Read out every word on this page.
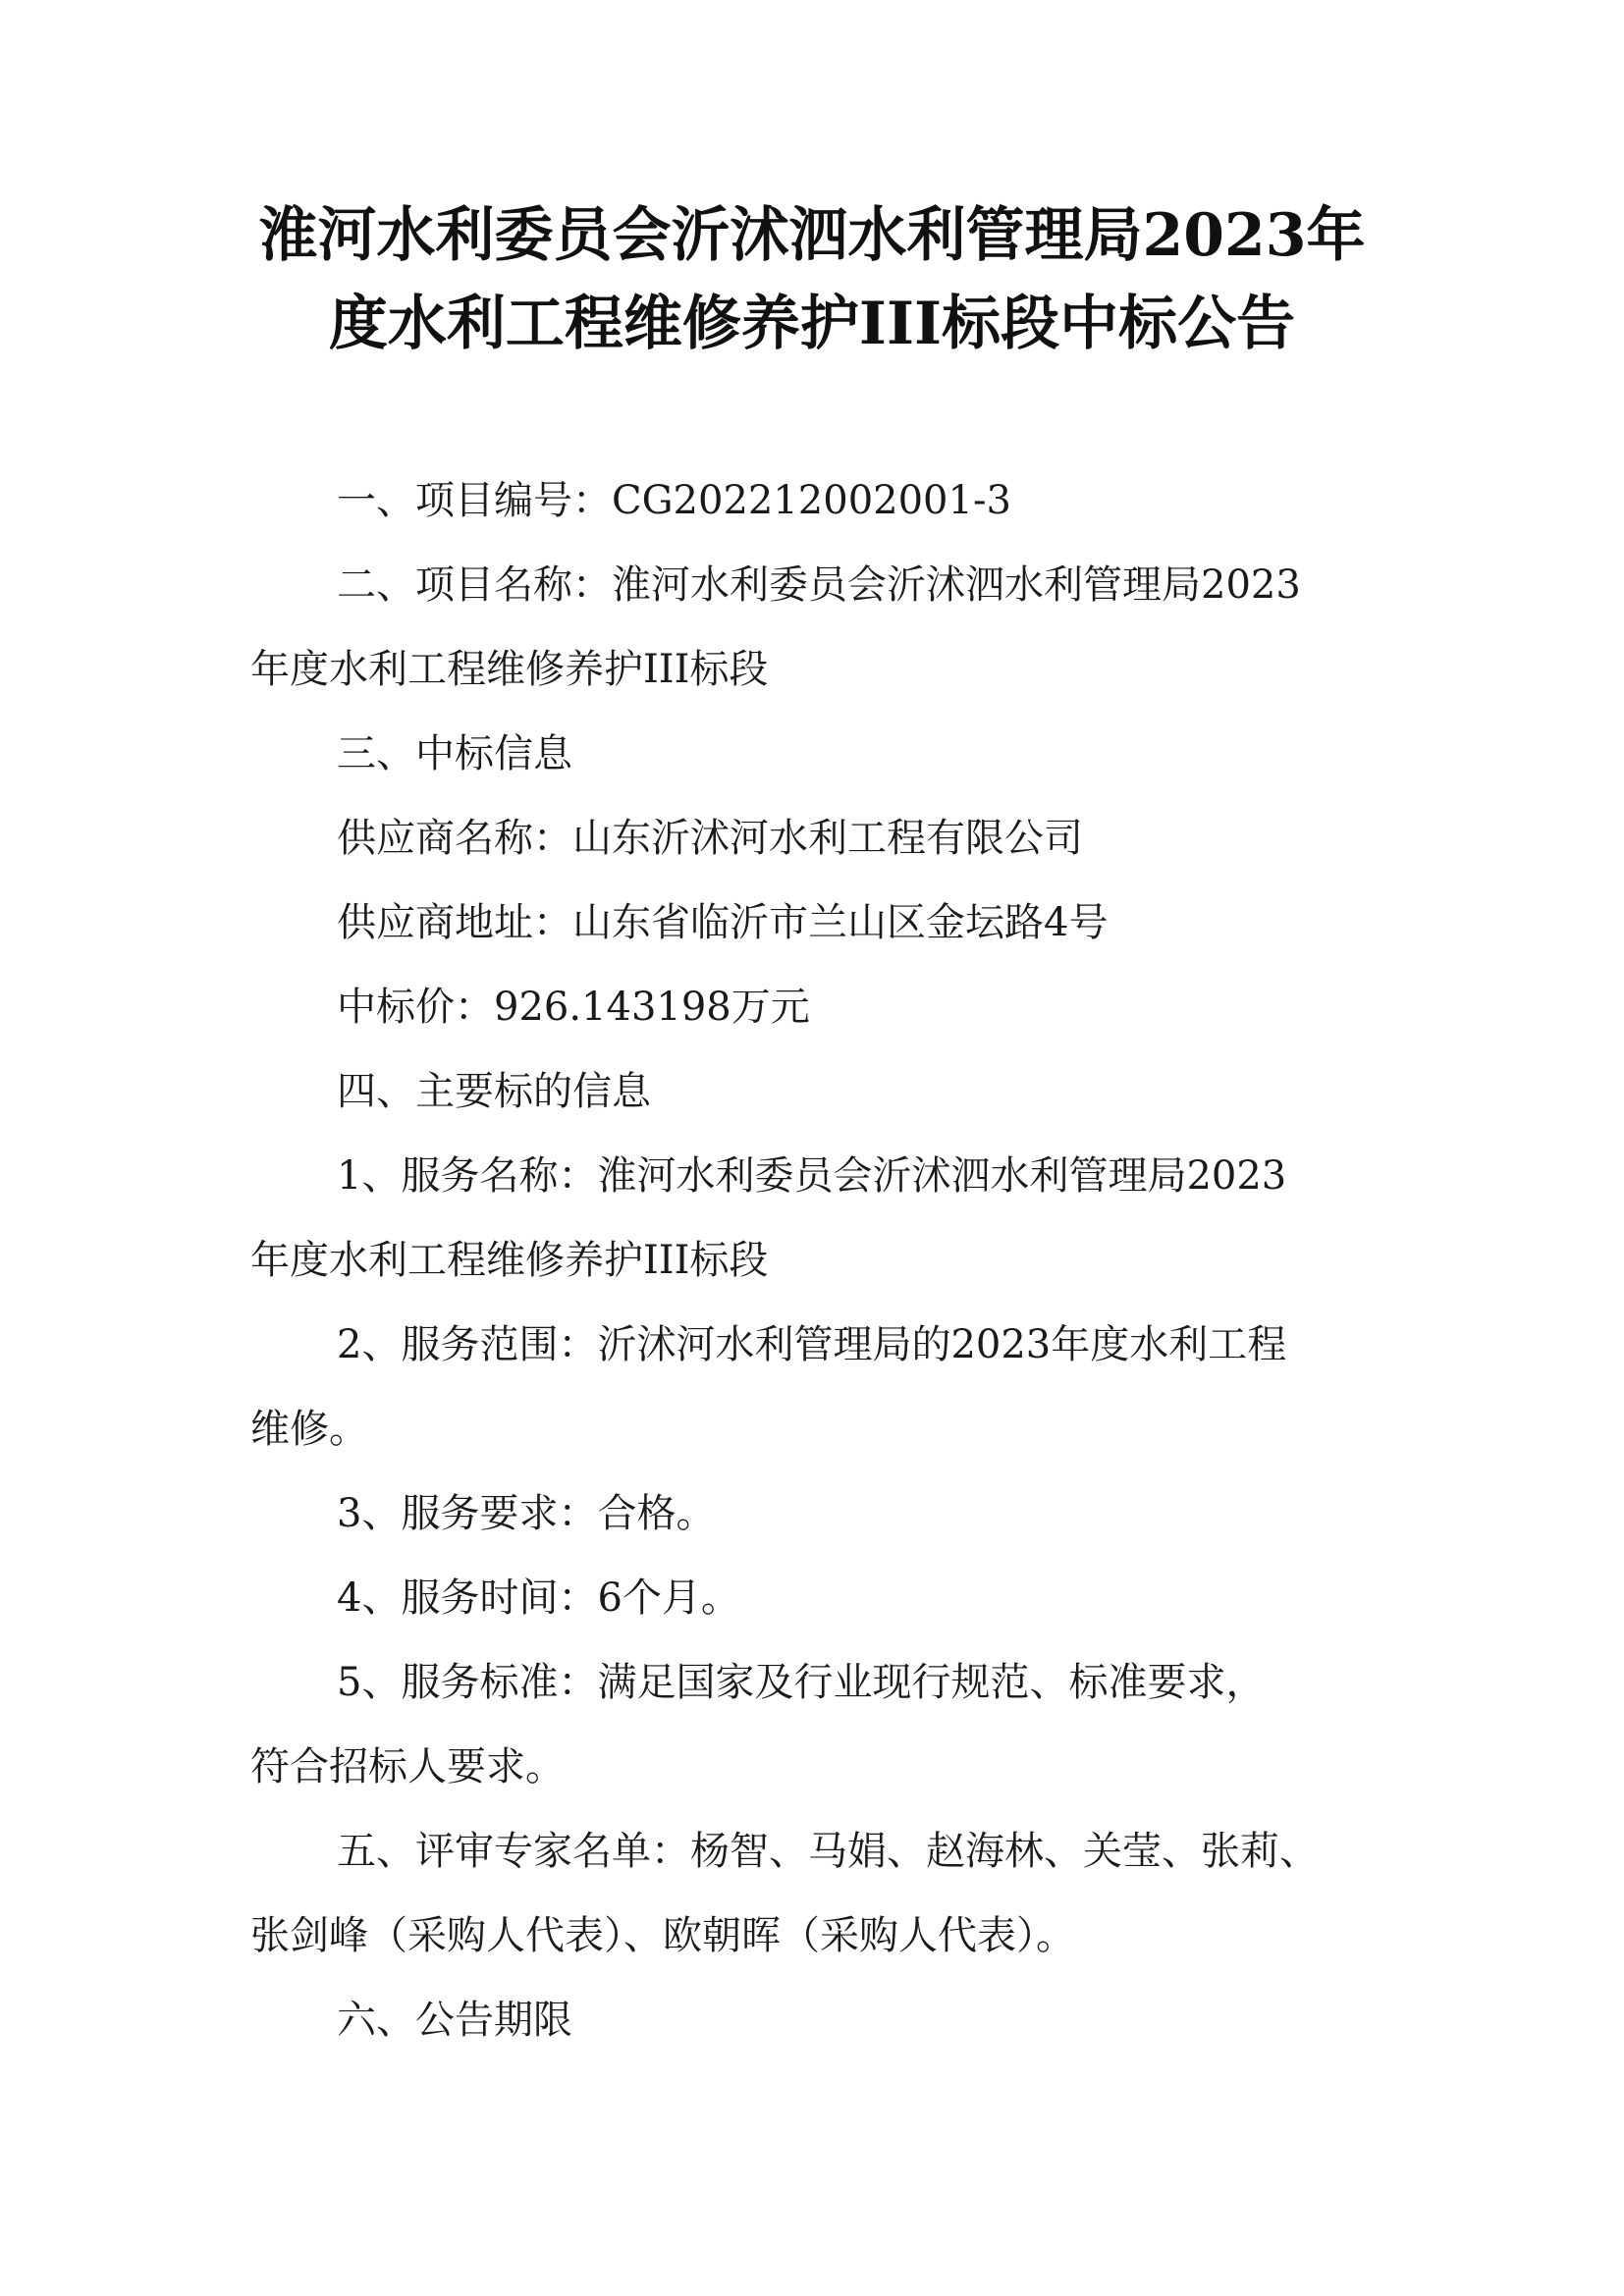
淮河水利委员会沂沭泗水利管理局2023年
度水利工程维修养护III标段中标公告
一、项目编号：CG202212002001-3
二、项目名称：淮河水利委员会沂沭泗水利管理局2023
年度水利工程维修养护III标段
三、中标信息
供应商名称：山东沂沭河水利工程有限公司
供应商地址：山东省临沂市兰山区金坛路4号
中标价：926.143198万元
四、主要标的信息
1、服务名称：淮河水利委员会沂沭泗水利管理局2023
年度水利工程维修养护III标段
2、服务范围：沂沭河水利管理局的2023年度水利工程
维修。
3、服务要求：合格。
4、服务时间：6个月。
5、服务标准：满足国家及行业现行规范、标准要求，
符合招标人要求。
五、评审专家名单：杨智、马娟、赵海林、关莹、张莉、
张剑峰（采购人代表）、欧朝晖（采购人代表）。
六、公告期限
